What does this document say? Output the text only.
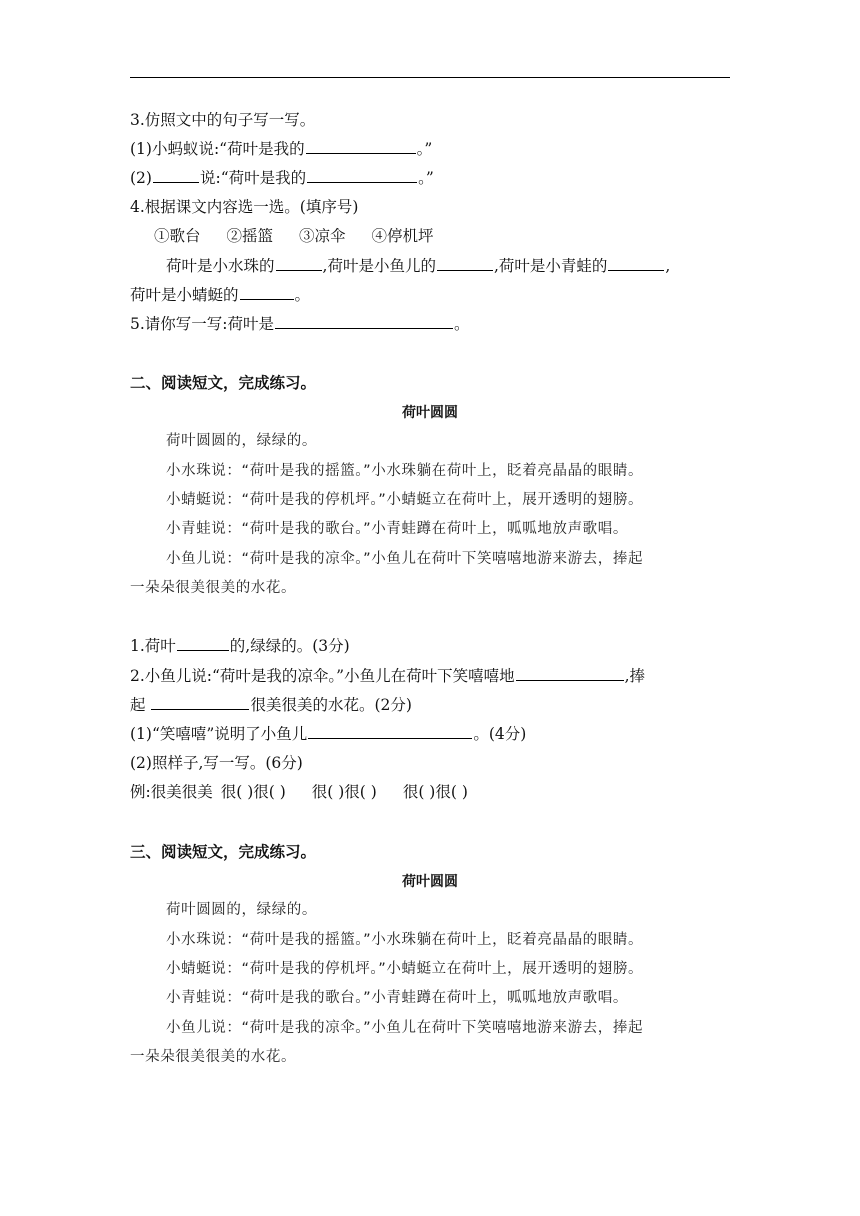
3.仿照文中的句子写一写。
(1)小蚂蚁说:“荷叶是我的	。”
(2)	说:“荷叶是我的	。”
4.根据课文内容选一选。(填序号)
①歌台 ②摇篮 ③凉伞 ④停机坪
荷叶是小水珠的	,荷叶是小鱼儿的	,荷叶是小青蛙的	,
荷叶是小蜻蜓的	。
5.请你写一写:荷叶是	。
二、阅读短文，完成练习。
荷叶圆圆
荷叶圆圆的，绿绿的。
小水珠说：“荷叶是我的摇篮。”小水珠躺在荷叶上，眨着亮晶晶的眼睛。
小蜻蜓说：“荷叶是我的停机坪。”小蜻蜓立在荷叶上，展开透明的翅膀。
小青蛙说：“荷叶是我的歌台。”小青蛙蹲在荷叶上，呱呱地放声歌唱。
小鱼儿说：“荷叶是我的凉伞。”小鱼儿在荷叶下笑嘻嘻地游来游去，捧起
一朵朵很美很美的水花。
1.荷叶	的,绿绿的。(3分)
2.小鱼儿说:“荷叶是我的凉伞。”小鱼儿在荷叶下笑嘻嘻地	,捧
起	很美很美的水花。(2分)
(1)“笑嘻嘻”说明了小鱼儿	。(4分)
(2)照样子,写一写。(6分)
例:很美很美 很( )很( ) 很( )很( ) 很( )很( )
三、阅读短文，完成练习。
荷叶圆圆
荷叶圆圆的，绿绿的。
小水珠说：“荷叶是我的摇篮。”小水珠躺在荷叶上，眨着亮晶晶的眼睛。
小蜻蜓说：“荷叶是我的停机坪。”小蜻蜓立在荷叶上，展开透明的翅膀。
小青蛙说：“荷叶是我的歌台。”小青蛙蹲在荷叶上，呱呱地放声歌唱。
小鱼儿说：“荷叶是我的凉伞。”小鱼儿在荷叶下笑嘻嘻地游来游去，捧起
一朵朵很美很美的水花。
